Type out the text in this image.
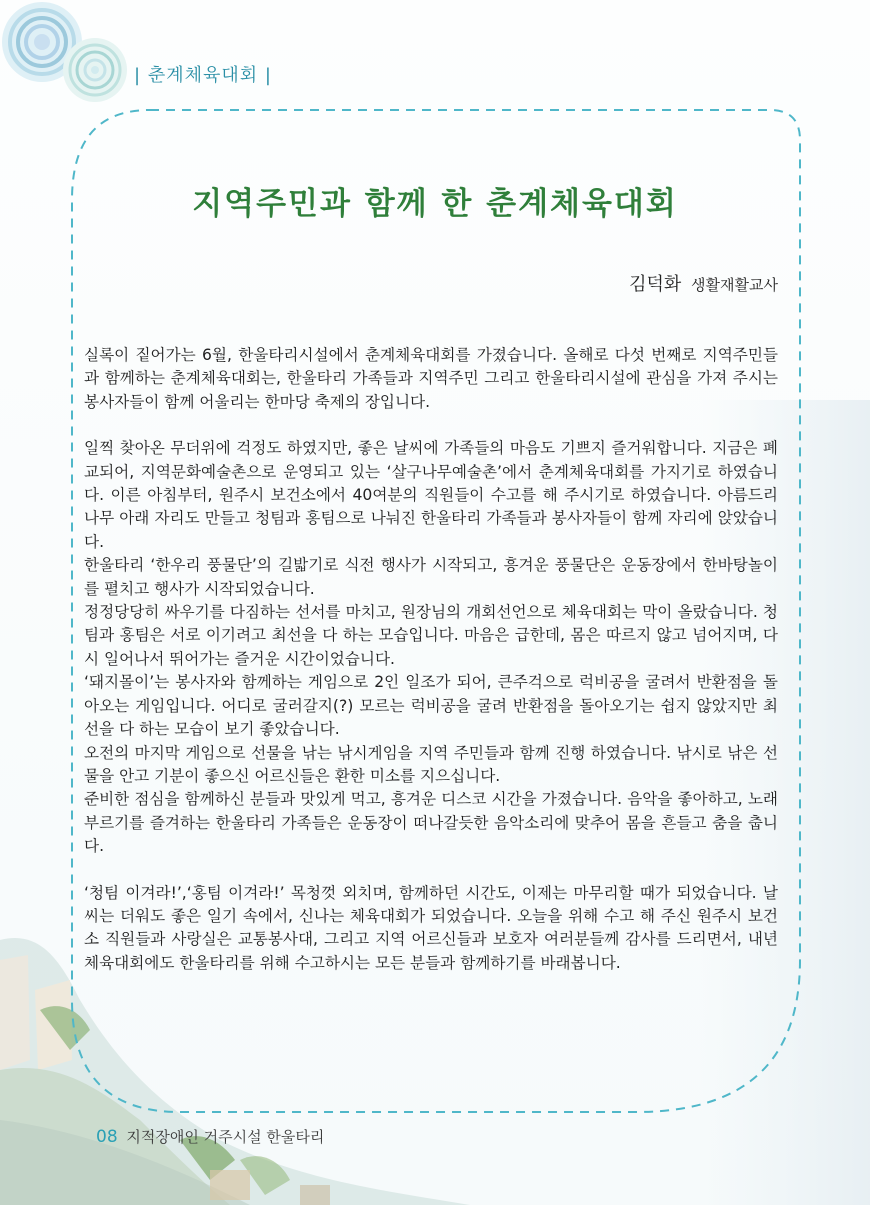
| 춘계체육대회 |
지역주민과 함께 한 춘계체육대회
김덕화 생활재활교사

실록이 짙어가는 6월, 한울타리시설에서 춘계체육대회를 가졌습니다. 올해로 다섯 번째로 지역주민들과 함께하는 춘계체육대회는, 한울타리 가족들과 지역주민 그리고 한울타리시설에 관심을 가져 주시는 봉사자들이 함께 어울리는 한마당 축제의 장입니다.

일찍 찾아온 무더위에 걱정도 하였지만, 좋은 날씨에 가족들의 마음도 기쁘지 즐거워합니다. 지금은 폐교되어, 지역문화예술촌으로 운영되고 있는 ‘살구나무예술촌’에서 춘계체육대회를 가지기로 하였습니다. 이른 아침부터, 원주시 보건소에서 40여분의 직원들이 수고를 해 주시기로 하였습니다. 아름드리 나무 아래 자리도 만들고 청팀과 홍팀으로 나눠진 한울타리 가족들과 봉사자들이 함께 자리에 앉았습니다.

한울타리 ‘한우리 풍물단’의 길밟기로 식전 행사가 시작되고, 흥겨운 풍물단은 운동장에서 한바탕놀이를 펼치고 행사가 시작되었습니다.

정정당당히 싸우기를 다짐하는 선서를 마치고, 원장님의 개회선언으로 체육대회는 막이 올랐습니다. 청팀과 홍팀은 서로 이기려고 최선을 다 하는 모습입니다. 마음은 급한데, 몸은 따르지 않고 넘어지며, 다시 일어나서 뛰어가는 즐거운 시간이었습니다.

‘돼지몰이’는 봉사자와 함께하는 게임으로 2인 일조가 되어, 큰주걱으로 럭비공을 굴려서 반환점을 돌아오는 게임입니다. 어디로 굴러갈지(?) 모르는 럭비공을 굴려 반환점을 돌아오기는 쉽지 않았지만 최선을 다 하는 모습이 보기 좋았습니다.

오전의 마지막 게임으로 선물을 낚는 낚시게임을 지역 주민들과 함께 진행 하였습니다. 낚시로 낚은 선물을 안고 기분이 좋으신 어르신들은 환한 미소를 지으십니다.

준비한 점심을 함께하신 분들과 맛있게 먹고, 흥겨운 디스코 시간을 가졌습니다. 음악을 좋아하고, 노래 부르기를 즐겨하는 한울타리 가족들은 운동장이 떠나갈듯한 음악소리에 맞추어 몸을 흔들고 춤을 춥니다.

‘청팀 이겨라!’,‘홍팀 이겨라!’ 목청껏 외치며, 함께하던 시간도, 이제는 마무리할 때가 되었습니다. 날씨는 더워도 좋은 일기 속에서, 신나는 체육대회가 되었습니다. 오늘을 위해 수고 해 주신 원주시 보건소 직원들과 사랑실은 교통봉사대, 그리고 지역 어르신들과 보호자 여러분들께 감사를 드리면서, 내년 체육대회에도 한울타리를 위해 수고하시는 모든 분들과 함께하기를 바래봅니다.

08 지적장애인 거주시설 한울타리
